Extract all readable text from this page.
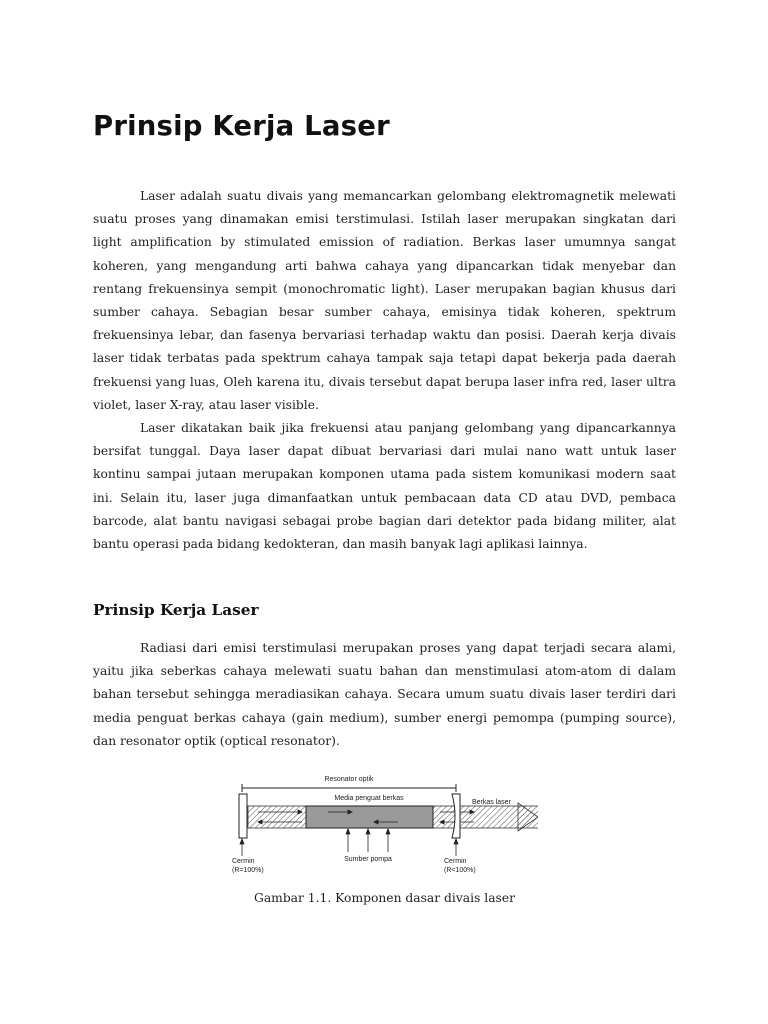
Prinsip Kerja Laser

Laser adalah suatu divais yang memancarkan gelombang elektromagnetik melewati suatu proses yang dinamakan emisi terstimulasi. Istilah laser merupakan singkatan dari light amplification by stimulated emission of radiation. Berkas laser umumnya sangat koheren, yang mengandung arti bahwa cahaya yang dipancarkan tidak menyebar dan rentang frekuensinya sempit (monochromatic light). Laser merupakan bagian khusus dari sumber cahaya. Sebagian besar sumber cahaya, emisinya tidak koheren, spektrum frekuensinya lebar, dan fasenya bervariasi terhadap waktu dan posisi. Daerah kerja divais laser tidak terbatas pada spektrum cahaya tampak saja tetapi dapat bekerja pada daerah frekuensi yang luas, Oleh karena itu, divais tersebut dapat berupa laser infra red, laser ultra violet, laser X-ray, atau laser visible.

Laser dikatakan baik jika frekuensi atau panjang gelombang yang dipancarkannya bersifat tunggal. Daya laser dapat dibuat bervariasi dari mulai nano watt untuk laser kontinu sampai jutaan merupakan komponen utama pada sistem komunikasi modern saat ini. Selain itu, laser juga dimanfaatkan untuk pembacaan data CD atau DVD, pembaca barcode, alat bantu navigasi sebagai probe bagian dari detektor pada bidang militer, alat bantu operasi pada bidang kedokteran, dan masih banyak lagi aplikasi lainnya.

Prinsip Kerja Laser

Radiasi dari emisi terstimulasi merupakan proses yang dapat terjadi secara alami, yaitu jika seberkas cahaya melewati suatu bahan dan menstimulasi atom-atom di dalam bahan tersebut sehingga meradiasikan cahaya. Secara umum suatu divais laser terdiri dari media penguat berkas cahaya (gain medium), sumber energi pemompa (pumping source), dan resonator optik (optical resonator).

Resonator optik
Media penguat berkas
Berkas laser
Sumber pompa
Cermin
(R=100%)
Cermin
(R<100%)

Gambar 1.1. Komponen dasar divais laser
